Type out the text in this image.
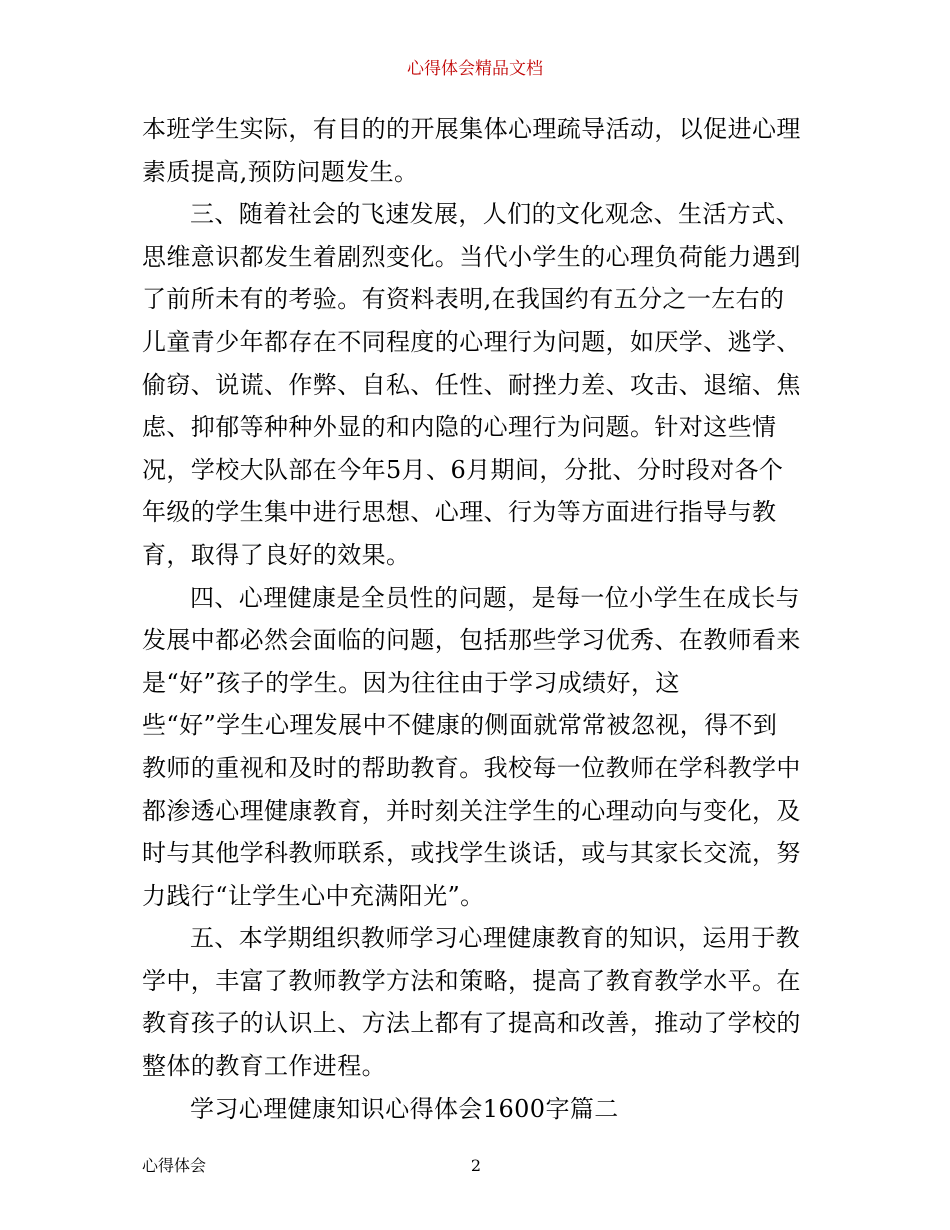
心得体会精品文档
本班学生实际，有目的的开展集体心理疏导活动，以促进心理
素质提高,预防问题发生。
三、随着社会的飞速发展，人们的文化观念、生活方式、
思维意识都发生着剧烈变化。当代小学生的心理负荷能力遇到
了前所未有的考验。有资料表明,在我国约有五分之一左右的
儿童青少年都存在不同程度的心理行为问题，如厌学、逃学、
偷窃、说谎、作弊、自私、任性、耐挫力差、攻击、退缩、焦
虑、抑郁等种种外显的和内隐的心理行为问题。针对这些情
况，学校大队部在今年5月、6月期间，分批、分时段对各个
年级的学生集中进行思想、心理、行为等方面进行指导与教
育，取得了良好的效果。
四、心理健康是全员性的问题，是每一位小学生在成长与
发展中都必然会面临的问题，包括那些学习优秀、在教师看来
是“好”孩子的学生。因为往往由于学习成绩好，这
些“好”学生心理发展中不健康的侧面就常常被忽视，得不到
教师的重视和及时的帮助教育。我校每一位教师在学科教学中
都渗透心理健康教育，并时刻关注学生的心理动向与变化，及
时与其他学科教师联系，或找学生谈话，或与其家长交流，努
力践行“让学生心中充满阳光”。
五、本学期组织教师学习心理健康教育的知识，运用于教
学中，丰富了教师教学方法和策略，提高了教育教学水平。在
教育孩子的认识上、方法上都有了提高和改善，推动了学校的
整体的教育工作进程。
学习心理健康知识心得体会1600字篇二
心得体会	2
